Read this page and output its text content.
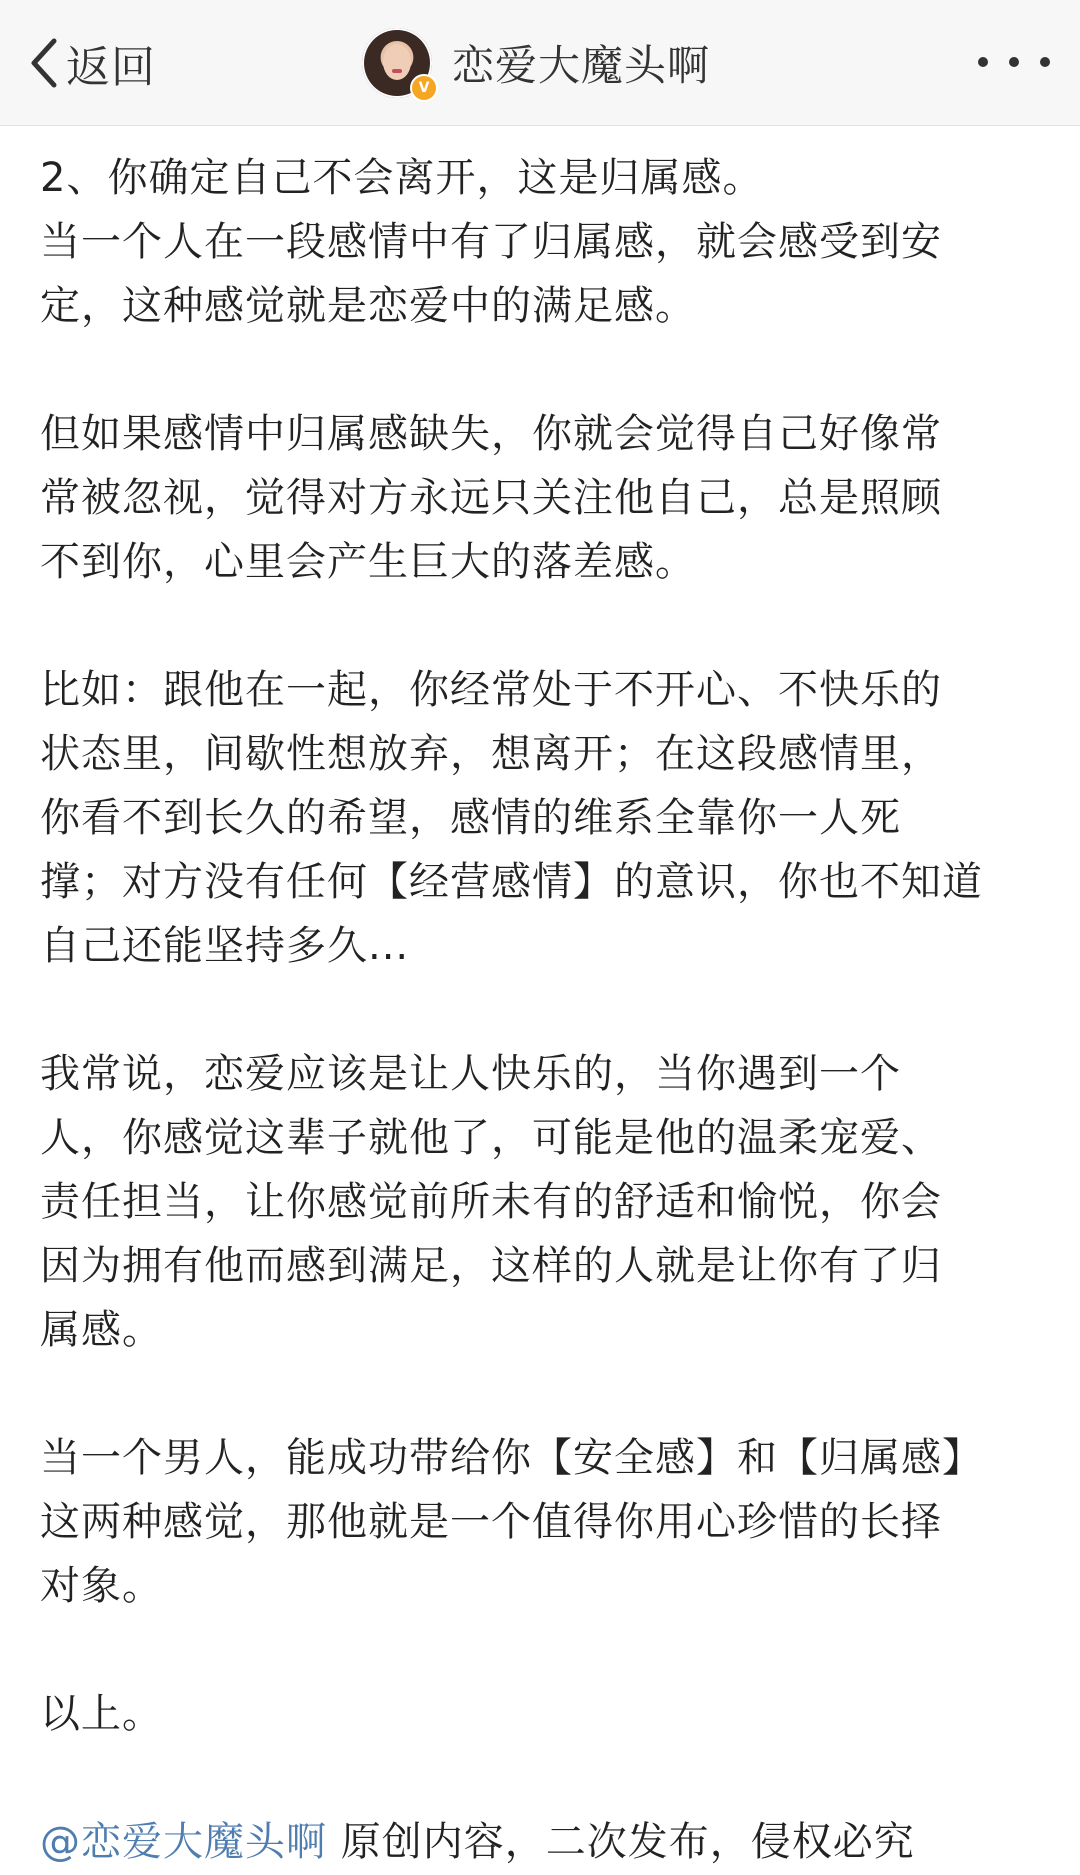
返回	V 恋爱大魔头啊
2、你确定自己不会离开，这是归属感。
当一个人在一段感情中有了归属感，就会感受到安
定，这种感觉就是恋爱中的满足感。
但如果感情中归属感缺失，你就会觉得自己好像常
常被忽视，觉得对方永远只关注他自己，总是照顾
不到你，心里会产生巨大的落差感。
比如：跟他在一起，你经常处于不开心、不快乐的
状态里，间歇性想放弃，想离开；在这段感情里，
你看不到长久的希望，感情的维系全靠你一人死
撑；对方没有任何【经营感情】的意识，你也不知道
自己还能坚持多久...
我常说，恋爱应该是让人快乐的，当你遇到一个
人，你感觉这辈子就他了，可能是他的温柔宠爱、
责任担当，让你感觉前所未有的舒适和愉悦，你会
因为拥有他而感到满足，这样的人就是让你有了归
属感。
当一个男人，能成功带给你【安全感】和【归属感】
这两种感觉，那他就是一个值得你用心珍惜的长择
对象。
以上。
@恋爱大魔头啊 原创内容，二次发布，侵权必究
